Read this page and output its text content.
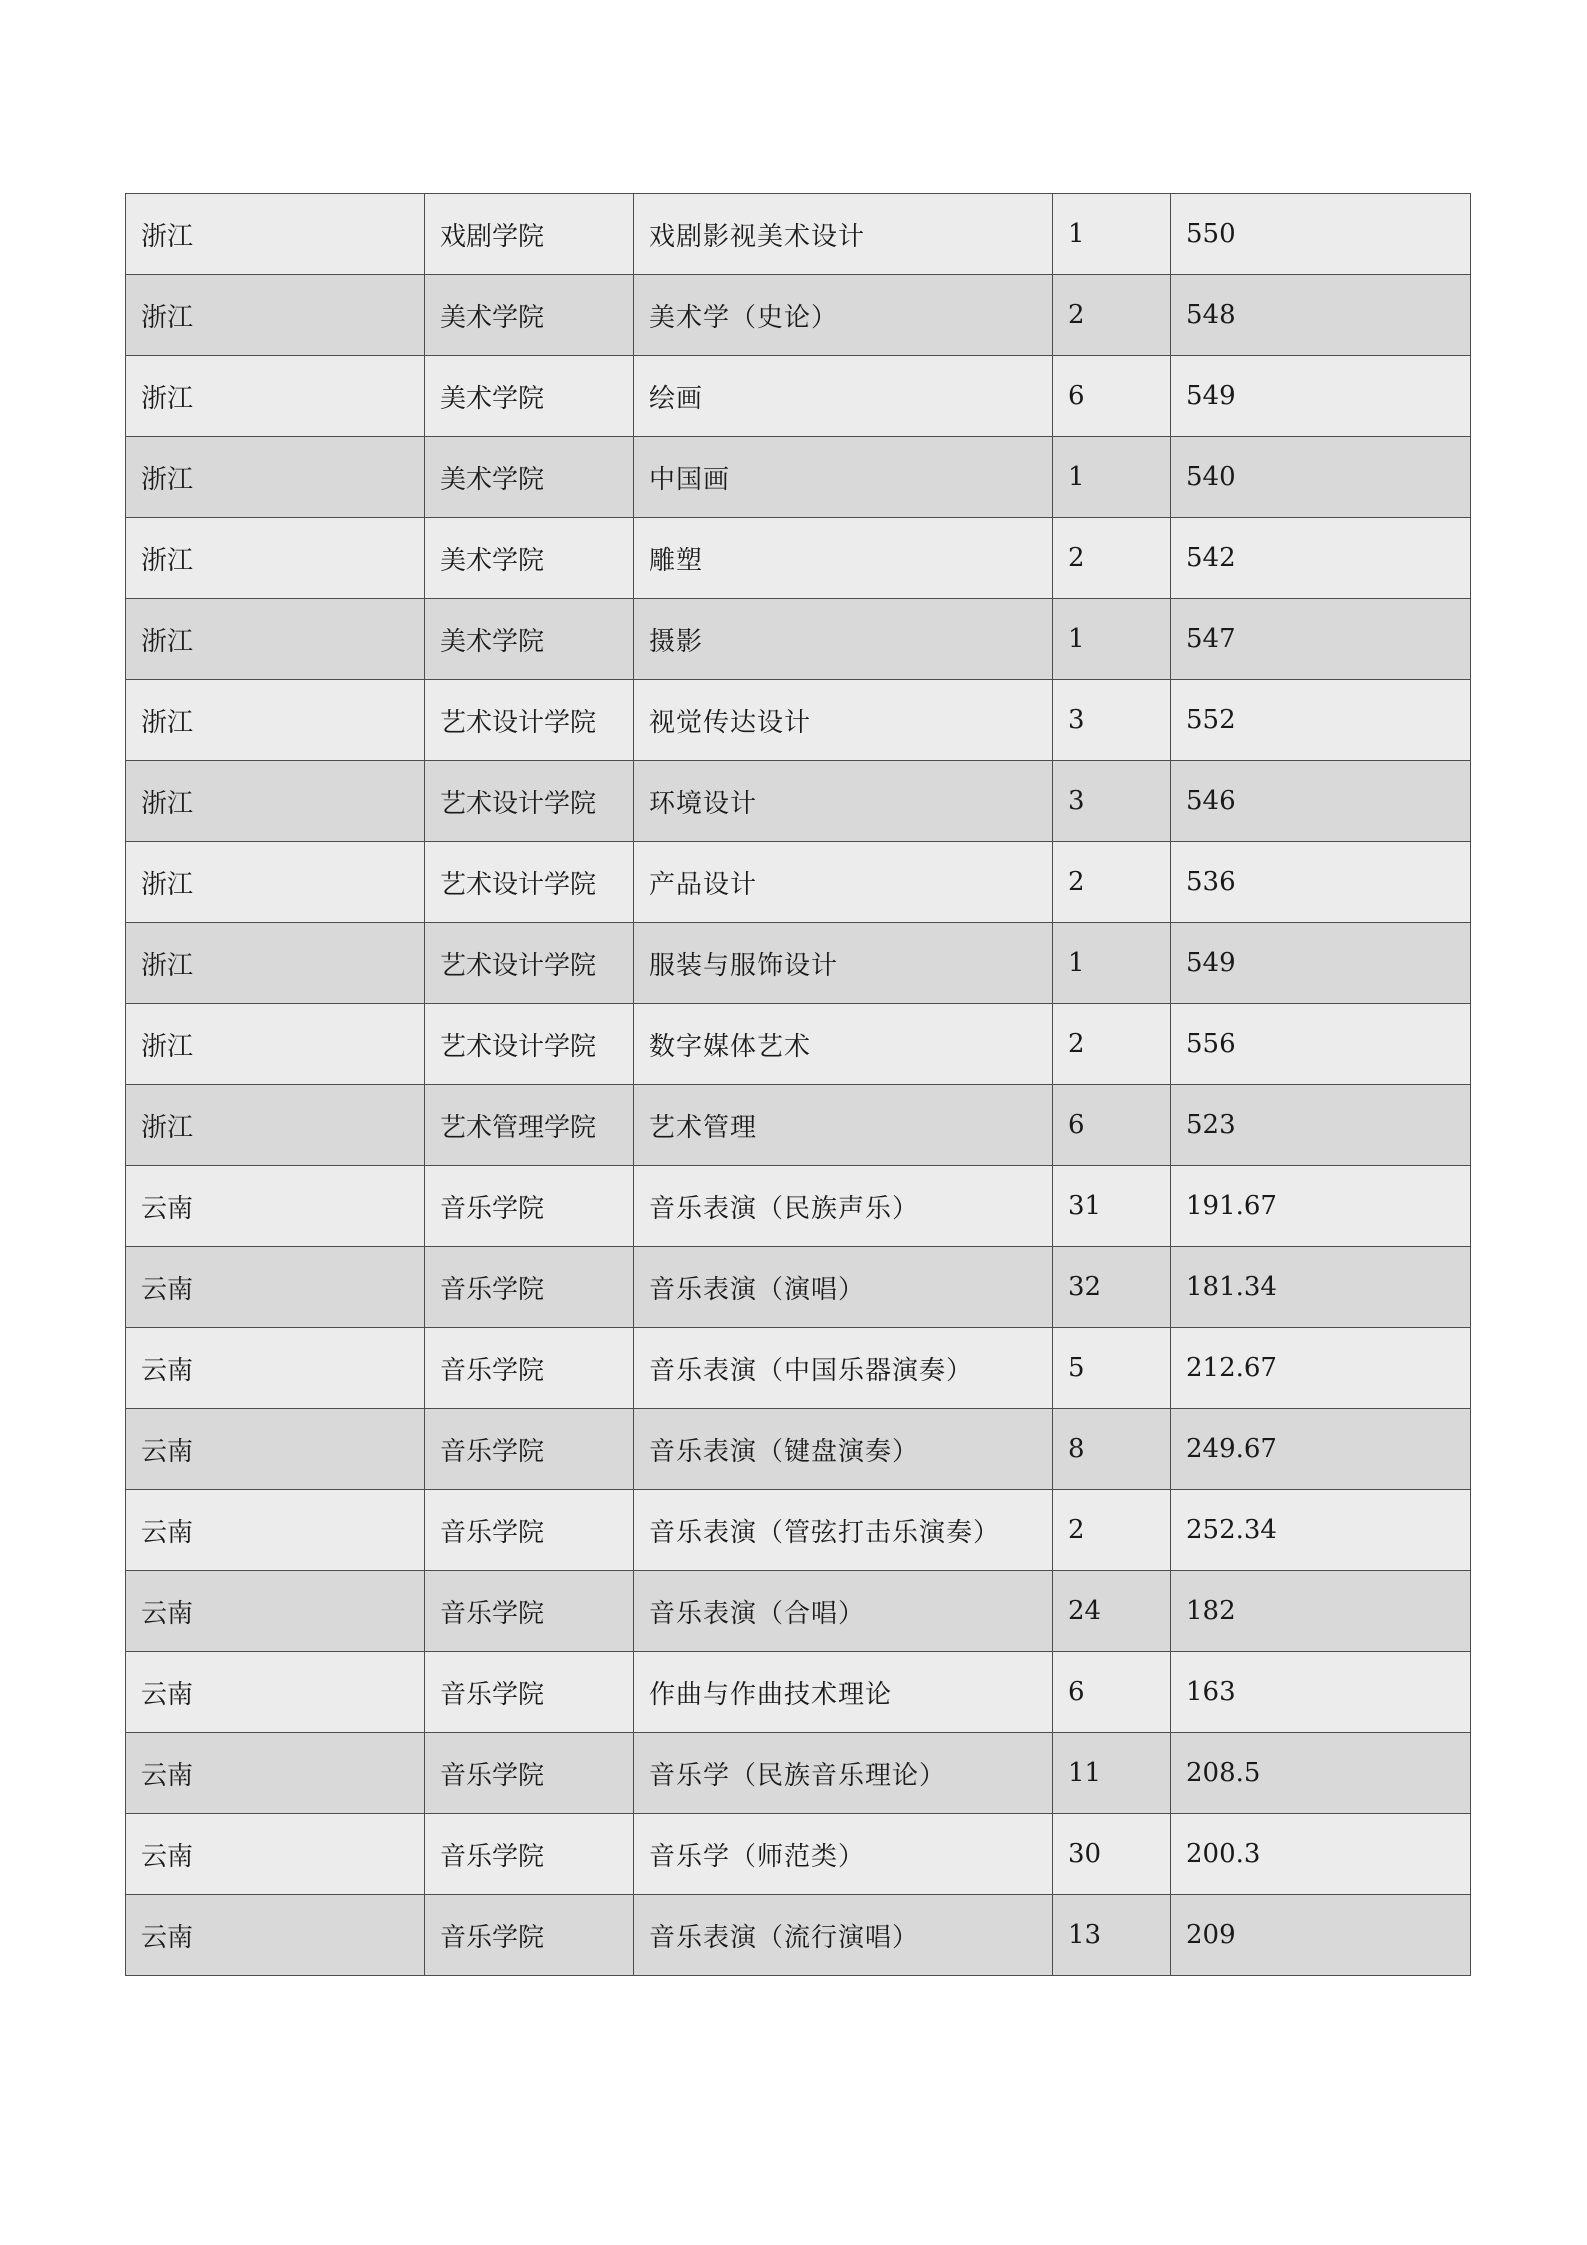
浙江	戏剧学院	戏剧影视美术设计	1	550
浙江	美术学院	美术学（史论）	2	548
浙江	美术学院	绘画	6	549
浙江	美术学院	中国画	1	540
浙江	美术学院	雕塑	2	542
浙江	美术学院	摄影	1	547
浙江	艺术设计学院	视觉传达设计	3	552
浙江	艺术设计学院	环境设计	3	546
浙江	艺术设计学院	产品设计	2	536
浙江	艺术设计学院	服装与服饰设计	1	549
浙江	艺术设计学院	数字媒体艺术	2	556
浙江	艺术管理学院	艺术管理	6	523
云南	音乐学院	音乐表演（民族声乐）	31	191.67
云南	音乐学院	音乐表演（演唱）	32	181.34
云南	音乐学院	音乐表演（中国乐器演奏）	5	212.67
云南	音乐学院	音乐表演（键盘演奏）	8	249.67
云南	音乐学院	音乐表演（管弦打击乐演奏）	2	252.34
云南	音乐学院	音乐表演（合唱）	24	182
云南	音乐学院	作曲与作曲技术理论	6	163
云南	音乐学院	音乐学（民族音乐理论）	11	208.5
云南	音乐学院	音乐学（师范类）	30	200.3
云南	音乐学院	音乐表演（流行演唱）	13	209
